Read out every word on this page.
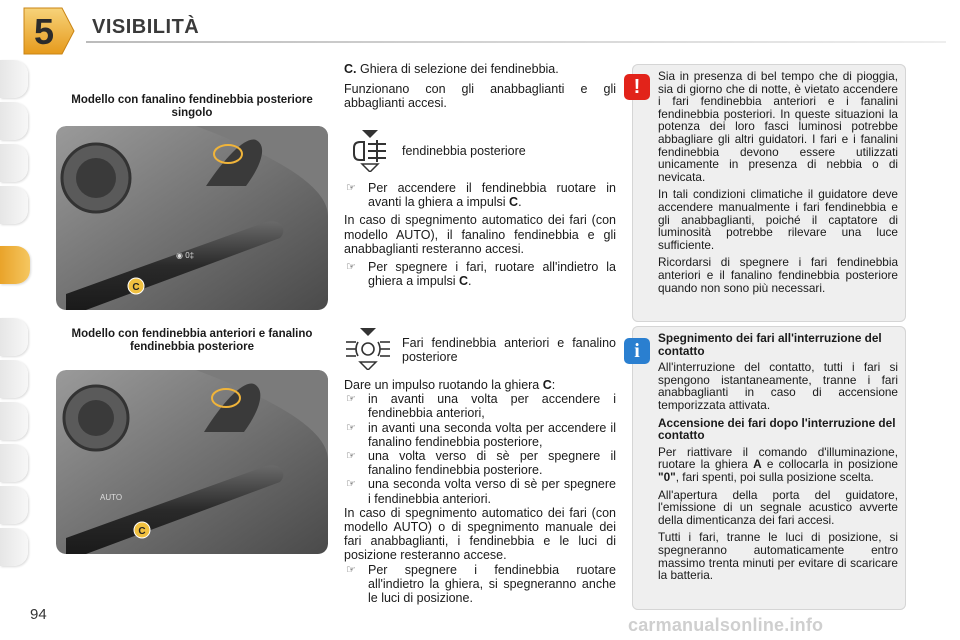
5 VISIBILITÀ
Modello con fanalino fendinebbia posteriore singolo
◉ 0‡
C
Modello con fendinebbia anteriori e fanalino fendinebbia posteriore
AUTO
C
C. Ghiera di selezione dei fendinebbia.
Funzionano con gli anabbaglianti e gli abbaglianti accesi.
fendinebbia posteriore
☞ Per accendere il fendinebbia ruotare in avanti la ghiera a impulsi C.
In caso di spegnimento automatico dei fari (con modello AUTO), il fanalino fendinebbia e gli anabbaglianti resteranno accesi.
☞ Per spegnere i fari, ruotare all'indietro la ghiera a impulsi C.
Fari fendinebbia anteriori e fanalino posteriore
Dare un impulso ruotando la ghiera C:
☞ in avanti una volta per accendere i fendinebbia anteriori,
☞ in avanti una seconda volta per accendere il fanalino fendinebbia posteriore,
☞ una volta verso di sè per spegnere il fanalino fendinebbia posteriore.
☞ una seconda volta verso di sè per spegnere i fendinebbia anteriori.
In caso di spegnimento automatico dei fari (con modello AUTO) o di spegnimento manuale dei fari anabbaglianti, i fendinebbia e le luci di posizione resteranno accese.
☞ Per spegnere i fendinebbia ruotare all'indietro la ghiera, si spegneranno anche le luci di posizione.
!	Sia in presenza di bel tempo che di pioggia, sia di giorno che di notte, è vietato accendere i fari fendinebbia anteriori e i fanalini fendinebbia posteriori. In queste situazioni la potenza dei loro fasci luminosi potrebbe abbagliare gli altri guidatori. I fari e i fanalini fendinebbia devono essere utilizzati unicamente in presenza di nebbia o di nevicata.

In tali condizioni climatiche il guidatore deve accendere manualmente i fari fendinebbia e gli anabbaglianti, poiché il captatore di luminosità potrebbe rilevare una luce sufficiente.

Ricordarsi di spegnere i fari fendinebbia anteriori e il fanalino fendinebbia posteriore quando non sono più necessari.

i

Spegnimento dei fari all'interruzione del contatto

All'interruzione del contatto, tutti i fari si spengono istantaneamente, tranne i fari anabbaglianti in caso di accensione temporizzata attivata.

Accensione dei fari dopo l'interruzione del contatto

Per riattivare il comando d'illuminazione, ruotare la ghiera A e collocarla in posizione "0", fari spenti, poi sulla posizione scelta.

All'apertura della porta del guidatore, l'emissione di un segnale acustico avverte della dimenticanza dei fari accesi.

Tutti i fari, tranne le luci di posizione, si spegneranno automaticamente entro massimo trenta minuti per evitare di scaricare la batteria.

94
carmanualsonline.info
